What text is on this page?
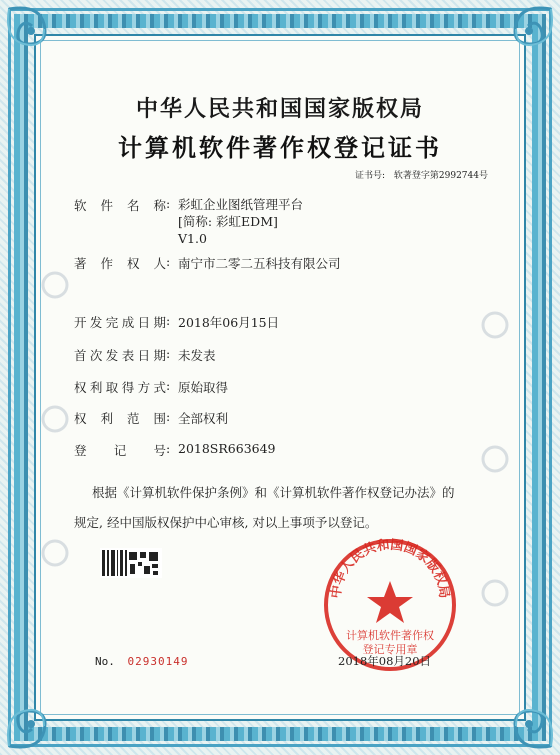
中华人民共和国国家版权局
计算机软件著作权登记证书
证书号: 软著登字第2992744号
软件名称 : 彩虹企业图纸管理平台
[简称: 彩虹EDM]
V1.0
著作权人 : 南宁市二零二五科技有限公司
开发完成日期 : 2018年06月15日
首次发表日期 : 未发表
权利取得方式 : 原始取得
权利范围 : 全部权利
登记号 : 2018SR663649
根据《计算机软件保护条例》和《计算机软件著作权登记办法》的
规定, 经中国版权保护中心审核, 对以上事项予以登记。
No. 02930149
中华人民共和国国家版权局
计算机软件著作权
登记专用章
2018年08月20日
